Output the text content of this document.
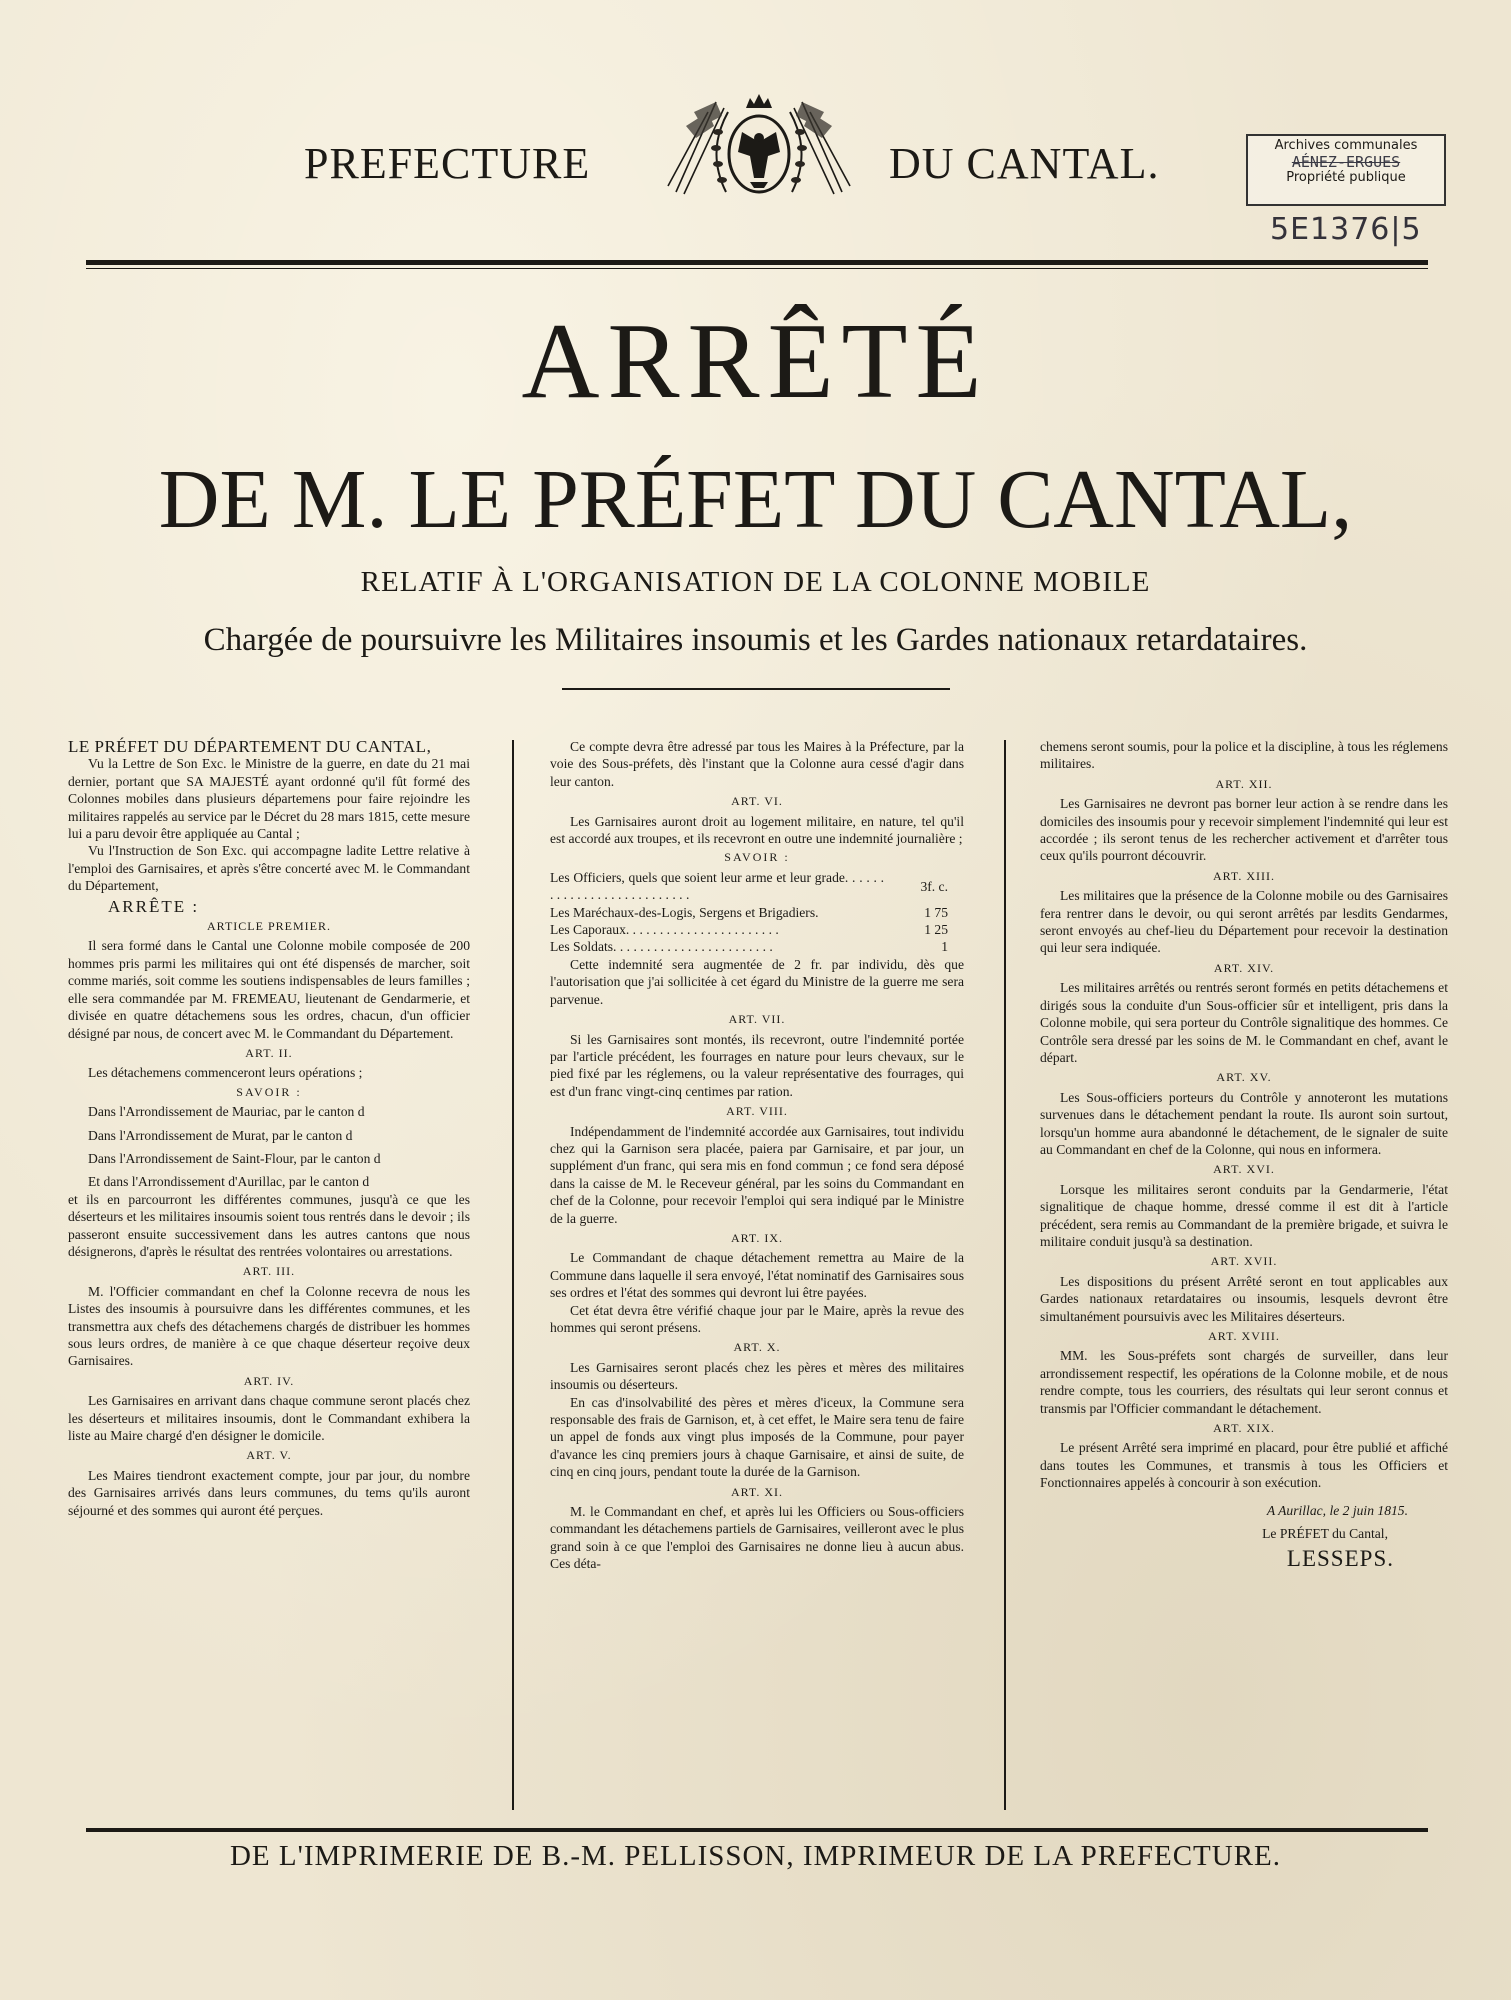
PREFECTURE	DU CANTAL.	Archives communales
AÉNEZ-ERGUES
Propriété publique
5E1376|5
ARRÊTÉ
DE M. LE PRÉFET DU CANTAL,
RELATIF À L'ORGANISATION DE LA COLONNE MOBILE
Chargée de poursuivre les Militaires insoumis et les Gardes nationaux retardataires.

LE PRÉFET DU DÉPARTEMENT DU CANTAL,

Vu la Lettre de Son Exc. le Ministre de la guerre, en date du 21 mai dernier, portant que SA MAJESTÉ ayant ordonné qu'il fût formé des Colonnes mobiles dans plusieurs départemens pour faire rejoindre les militaires rappelés au service par le Décret du 28 mars 1815, cette mesure lui a paru devoir être appliquée au Cantal ;

Vu l'Instruction de Son Exc. qui accompagne ladite Lettre relative à l'emploi des Garnisaires, et après s'être concerté avec M. le Commandant du Département,

ARRÊTE :
ARTICLE PREMIER.

Il sera formé dans le Cantal une Colonne mobile composée de 200 hommes pris parmi les militaires qui ont été dispensés de marcher, soit comme mariés, soit comme les soutiens indispensables de leurs familles ; elle sera commandée par M. FREMEAU, lieutenant de Gendarmerie, et divisée en quatre détachemens sous les ordres, chacun, d'un officier désigné par nous, de concert avec M. le Commandant du Département.

ART. II.

Les détachemens commenceront leurs opérations ;

SAVOIR :

Dans l'Arrondissement de Mauriac, par le canton d

Dans l'Arrondissement de Murat, par le canton d

Dans l'Arrondissement de Saint-Flour, par le canton d

Et dans l'Arrondissement d'Aurillac, par le canton d

et ils en parcourront les différentes communes, jusqu'à ce que les déserteurs et les militaires insoumis soient tous rentrés dans le devoir ; ils passeront ensuite successivement dans les autres cantons que nous désignerons, d'après le résultat des rentrées volontaires ou arrestations.

ART. III.

M. l'Officier commandant en chef la Colonne recevra de nous les Listes des insoumis à poursuivre dans les différentes communes, et les transmettra aux chefs des détachemens chargés de distribuer les hommes sous leurs ordres, de manière à ce que chaque déserteur reçoive deux Garnisaires.

ART. IV.

Les Garnisaires en arrivant dans chaque commune seront placés chez les déserteurs et militaires insoumis, dont le Commandant exhibera la liste au Maire chargé d'en désigner le domicile.

ART. V.

Les Maires tiendront exactement compte, jour par jour, du nombre des Garnisaires arrivés dans leurs communes, du tems qu'ils auront séjourné et des sommes qui auront été perçues.

Ce compte devra être adressé par tous les Maires à la Préfecture, par la voie des Sous-préfets, dès l'instant que la Colonne aura cessé d'agir dans leur canton.

ART. VI.

Les Garnisaires auront droit au logement militaire, en nature, tel qu'il est accordé aux troupes, et ils recevront en outre une indemnité journalière ;

SAVOIR :
Les Officiers, quels que soient leur arme et leur grade. . . . . . . . . . . . . . . . . . . . . . . . . . .	3f. c.
Les Maréchaux-des-Logis, Sergens et Brigadiers.	1 75
Les Caporaux. . . . . . . . . . . . . . . . . . . . . . .	1 25
Les Soldats. . . . . . . . . . . . . . . . . . . . . . . .	1

Cette indemnité sera augmentée de 2 fr. par individu, dès que l'autorisation que j'ai sollicitée à cet égard du Ministre de la guerre me sera parvenue.

ART. VII.

Si les Garnisaires sont montés, ils recevront, outre l'indemnité portée par l'article précédent, les fourrages en nature pour leurs chevaux, sur le pied fixé par les réglemens, ou la valeur représentative des fourrages, qui est d'un franc vingt-cinq centimes par ration.

ART. VIII.

Indépendamment de l'indemnité accordée aux Garnisaires, tout individu chez qui la Garnison sera placée, paiera par Garnisaire, et par jour, un supplément d'un franc, qui sera mis en fond commun ; ce fond sera déposé dans la caisse de M. le Receveur général, par les soins du Commandant en chef de la Colonne, pour recevoir l'emploi qui sera indiqué par le Ministre de la guerre.

ART. IX.

Le Commandant de chaque détachement remettra au Maire de la Commune dans laquelle il sera envoyé, l'état nominatif des Garnisaires sous ses ordres et l'état des sommes qui devront lui être payées.

Cet état devra être vérifié chaque jour par le Maire, après la revue des hommes qui seront présens.

ART. X.

Les Garnisaires seront placés chez les pères et mères des militaires insoumis ou déserteurs.

En cas d'insolvabilité des pères et mères d'iceux, la Commune sera responsable des frais de Garnison, et, à cet effet, le Maire sera tenu de faire un appel de fonds aux vingt plus imposés de la Commune, pour payer d'avance les cinq premiers jours à chaque Garnisaire, et ainsi de suite, de cinq en cinq jours, pendant toute la durée de la Garnison.

ART. XI.

M. le Commandant en chef, et après lui les Officiers ou Sous-officiers commandant les détachemens partiels de Garnisaires, veilleront avec le plus grand soin à ce que l'emploi des Garnisaires ne donne lieu à aucun abus. Ces déta-

chemens seront soumis, pour la police et la discipline, à tous les réglemens militaires.

ART. XII.

Les Garnisaires ne devront pas borner leur action à se rendre dans les domiciles des insoumis pour y recevoir simplement l'indemnité qui leur est accordée ; ils seront tenus de les rechercher activement et d'arrêter tous ceux qu'ils pourront découvrir.

ART. XIII.

Les militaires que la présence de la Colonne mobile ou des Garnisaires fera rentrer dans le devoir, ou qui seront arrêtés par lesdits Gendarmes, seront envoyés au chef-lieu du Département pour recevoir la destination qui leur sera indiquée.

ART. XIV.

Les militaires arrêtés ou rentrés seront formés en petits détachemens et dirigés sous la conduite d'un Sous-officier sûr et intelligent, pris dans la Colonne mobile, qui sera porteur du Contrôle signalitique des hommes. Ce Contrôle sera dressé par les soins de M. le Commandant en chef, avant le départ.

ART. XV.

Les Sous-officiers porteurs du Contrôle y annoteront les mutations survenues dans le détachement pendant la route. Ils auront soin surtout, lorsqu'un homme aura abandonné le détachement, de le signaler de suite au Commandant en chef de la Colonne, qui nous en informera.

ART. XVI.

Lorsque les militaires seront conduits par la Gendarmerie, l'état signalitique de chaque homme, dressé comme il est dit à l'article précédent, sera remis au Commandant de la première brigade, et suivra le militaire conduit jusqu'à sa destination.

ART. XVII.

Les dispositions du présent Arrêté seront en tout applicables aux Gardes nationaux retardataires ou insoumis, lesquels devront être simultanément poursuivis avec les Militaires déserteurs.

ART. XVIII.

MM. les Sous-préfets sont chargés de surveiller, dans leur arrondissement respectif, les opérations de la Colonne mobile, et de nous rendre compte, tous les courriers, des résultats qui leur seront connus et transmis par l'Officier commandant le détachement.

ART. XIX.

Le présent Arrêté sera imprimé en placard, pour être publié et affiché dans toutes les Communes, et transmis à tous les Officiers et Fonctionnaires appelés à concourir à son exécution.

A Aurillac, le 2 juin 1815.
Le PRÉFET du Cantal,
LESSEPS.
DE L'IMPRIMERIE DE B.-M. PELLISSON, IMPRIMEUR DE LA PREFECTURE.
